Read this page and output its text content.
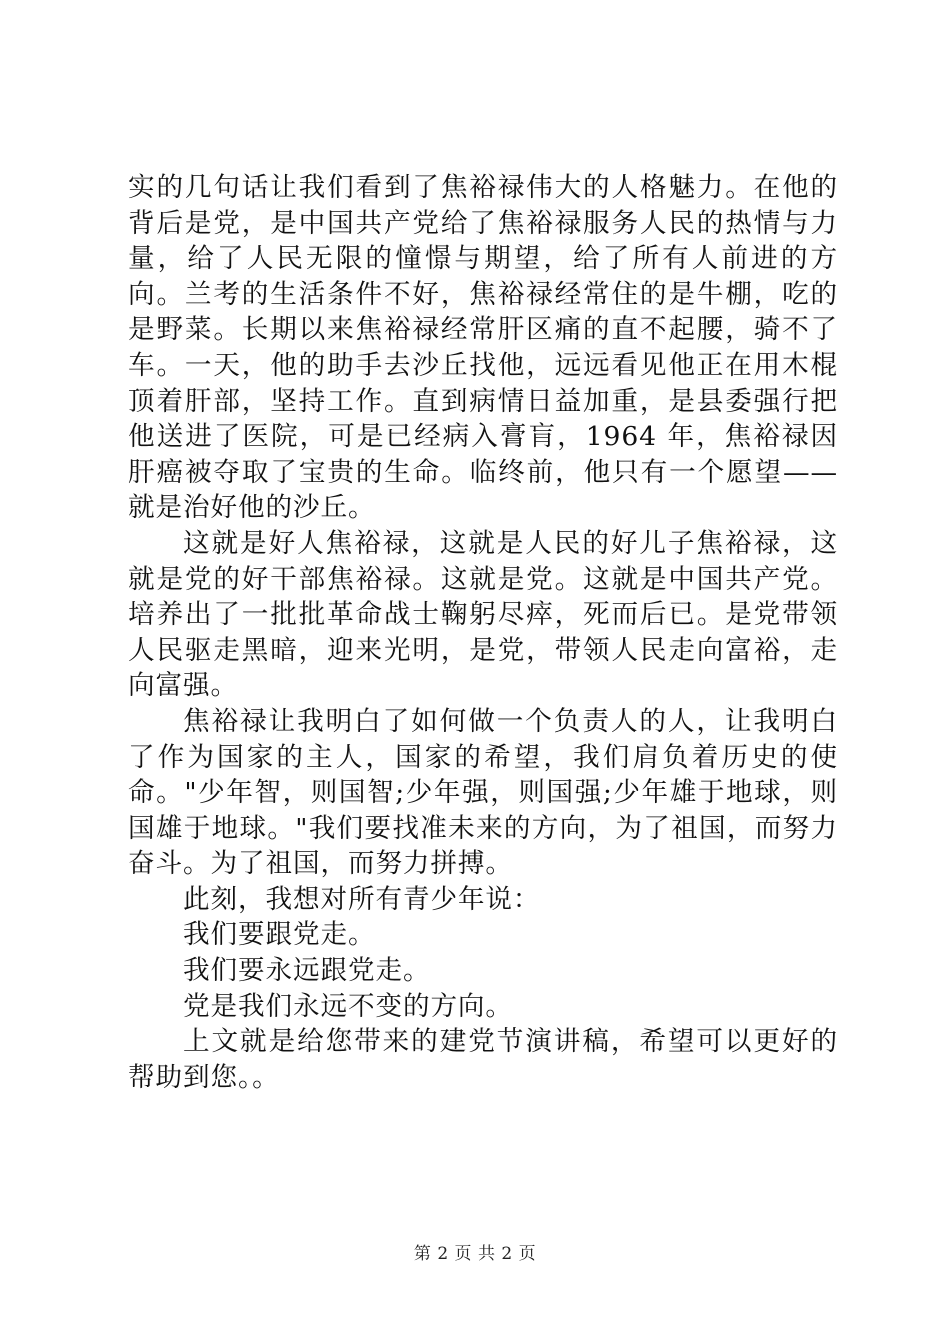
实的几句话让我们看到了焦裕禄伟大的人格魅力。在他的背后是党，是中国共产党给了焦裕禄服务人民的热情与力量，给了人民无限的憧憬与期望，给了所有人前进的方向。兰考的生活条件不好，焦裕禄经常住的是牛棚，吃的是野菜。长期以来焦裕禄经常肝区痛的直不起腰，骑不了车。一天，他的助手去沙丘找他，远远看见他正在用木棍顶着肝部，坚持工作。直到病情日益加重，是县委强行把他送进了医院，可是已经病入膏肓，1964 年，焦裕禄因肝癌被夺取了宝贵的生命。临终前，他只有一个愿望——就是治好他的沙丘。

这就是好人焦裕禄，这就是人民的好儿子焦裕禄，这就是党的好干部焦裕禄。这就是党。这就是中国共产党。培养出了一批批革命战士鞠躬尽瘁，死而后已。是党带领人民驱走黑暗，迎来光明，是党，带领人民走向富裕，走向富强。

焦裕禄让我明白了如何做一个负责人的人，让我明白了作为国家的主人，国家的希望，我们肩负着历史的使命。"少年智，则国智;少年强，则国强;少年雄于地球，则国雄于地球。"我们要找准未来的方向，为了祖国，而努力奋斗。为了祖国，而努力拼搏。

此刻，我想对所有青少年说：

我们要跟党走。

我们要永远跟党走。

党是我们永远不变的方向。

上文就是给您带来的建党节演讲稿，希望可以更好的帮助到您。。

第 2 页 共 2 页
